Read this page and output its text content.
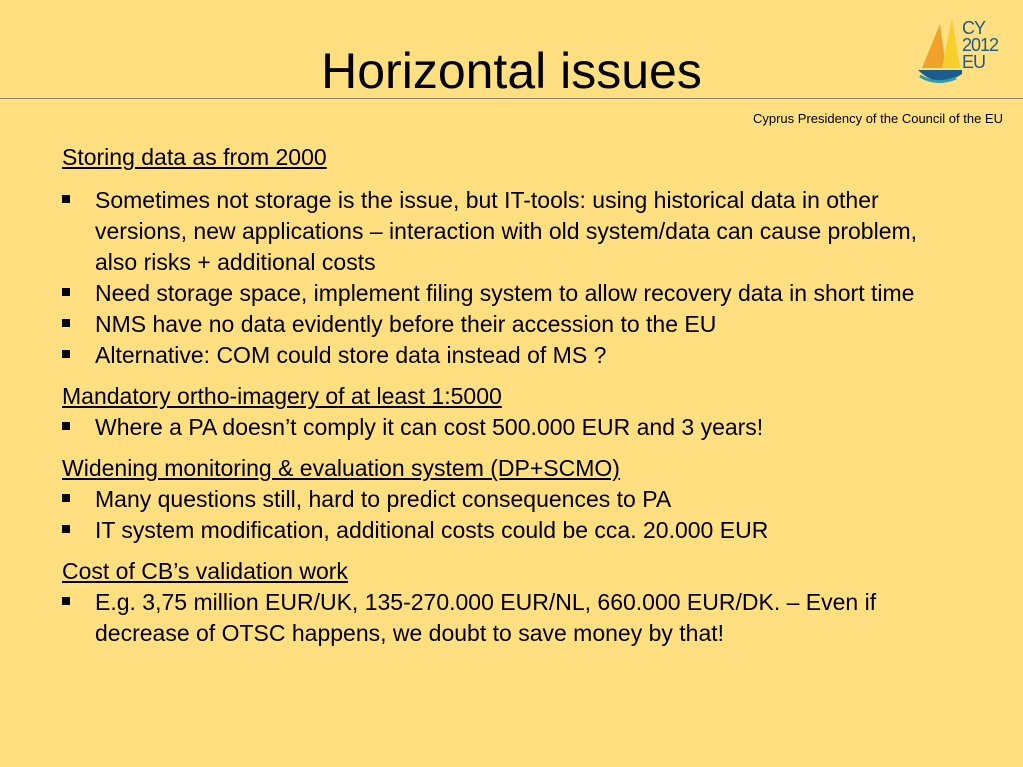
Horizontal issues
CY
2012
EU
Cyprus Presidency of the Council of the EU

Storing data as from 2000

Sometimes not storage is the issue, but IT-tools: using historical data in other versions, new applications – interaction with old system/data can cause problem, also risks + additional costs
Need storage space, implement filing system to allow recovery data in short time
NMS have no data evidently before their accession to the EU
Alternative: COM could store data instead of MS ?

Mandatory ortho-imagery of at least 1:5000

Where a PA doesn’t comply it can cost 500.000 EUR and 3 years!

Widening monitoring & evaluation system (DP+SCMO)

Many questions still, hard to predict consequences to PA
IT system modification, additional costs could be cca. 20.000 EUR

Cost of CB’s validation work

E.g. 3,75 million EUR/UK, 135-270.000 EUR/NL, 660.000 EUR/DK. – Even if decrease of OTSC happens, we doubt to save money by that!
